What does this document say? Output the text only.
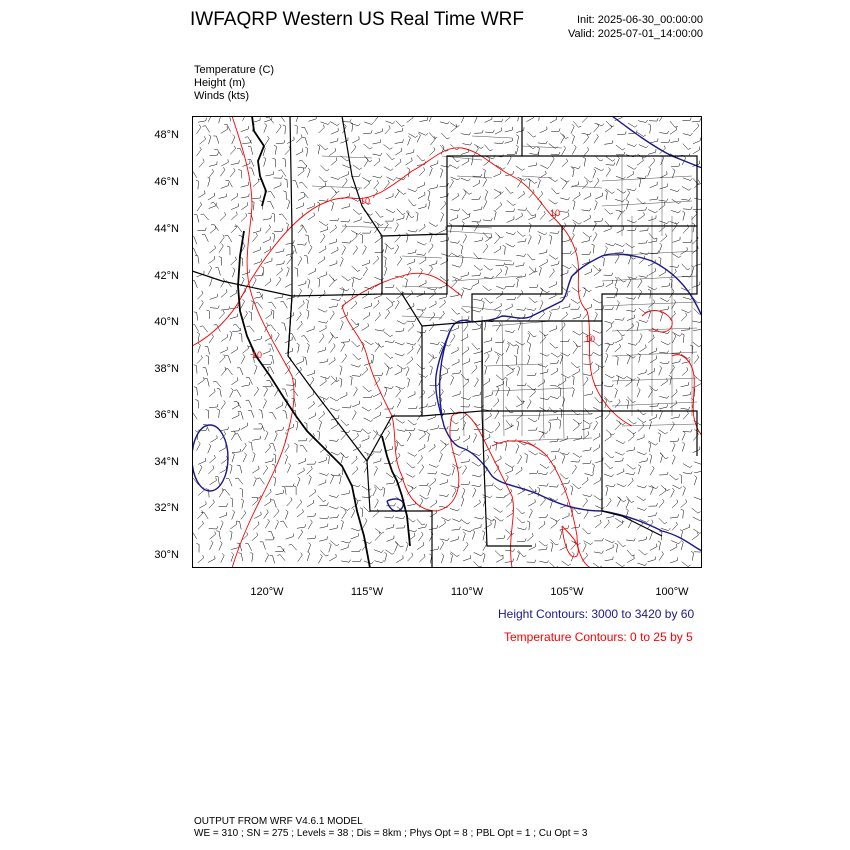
IWFAQRP Western US Real Time WRF	Init: 2025-06-30_00:00:00
Valid: 2025-07-01_14:00:00
Temperature (C)
Height (m)
Winds (kts)
48°N
46°N
44°N
42°N
40°N
38°N
36°N
34°N
32°N
30°N
120°W	115°W	110°W	105°W	100°W
10
10
10
10
Height Contours: 3000 to 3420 by 60
Temperature Contours: 0 to 25 by 5
OUTPUT FROM WRF V4.6.1 MODEL
WE = 310 ; SN = 275 ; Levels = 38 ; Dis = 8km ; Phys Opt = 8 ; PBL Opt = 1 ; Cu Opt = 3
